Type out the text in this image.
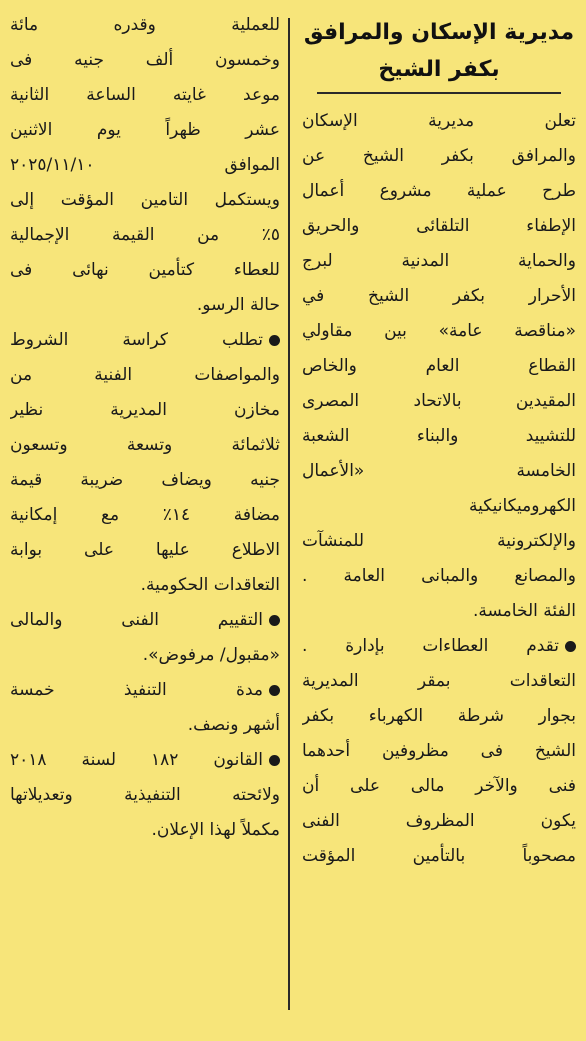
مديرية الإسكان والمرافق
بكفر الشيخ
تعلن مديرية الإسكان
والمرافق بكفر الشيخ عن
طرح عملية مشروع أعمال
الإطفاء التلقائى والحريق
والحماية المدنية لبرج
الأحرار بكفر الشيخ في
«مناقصة عامة» بين مقاولي
القطاع العام والخاص
المقيدين بالاتحاد المصرى
للتشييد والبناء الشعبة
الخامسة «الأعمال
الكهروميكانيكية
والإلكترونية للمنشآت
والمصانع والمبانى العامة .
الفئة الخامسة.
تقدم العطاءات بإدارة .
التعاقدات بمقر المديرية
بجوار شرطة الكهرباء بكفر
الشيخ فى مظروفين أحدهما
فنى والآخر مالى على أن
يكون المظروف الفنى
مصحوباً بالتأمين المؤقت
للعملية وقدره مائة
وخمسون ألف جنيه فى
موعد غايته الساعة الثانية
عشر ظهراً يوم الاثنين
الموافق ٢٠٢٥/١١/١٠
ويستكمل التامين المؤقت إلى
٥٪ من القيمة الإجمالية
للعطاء كتأمين نهائى فى
حالة الرسو.
تطلب كراسة الشروط
والمواصفات الفنية من
مخازن المديرية نظير
ثلاثمائة وتسعة وتسعون
جنيه ويضاف ضريبة قيمة
مضافة ١٤٪ مع إمكانية
الاطلاع عليها على بوابة
التعاقدات الحكومية.
التقييم الفنى والمالى
«مقبول/ مرفوض».
مدة التنفيذ خمسة
أشهر ونصف.
القانون ١٨٢ لسنة ٢٠١٨
ولائحته التنفيذية وتعديلاتها
مكملاً لهذا الإعلان.
